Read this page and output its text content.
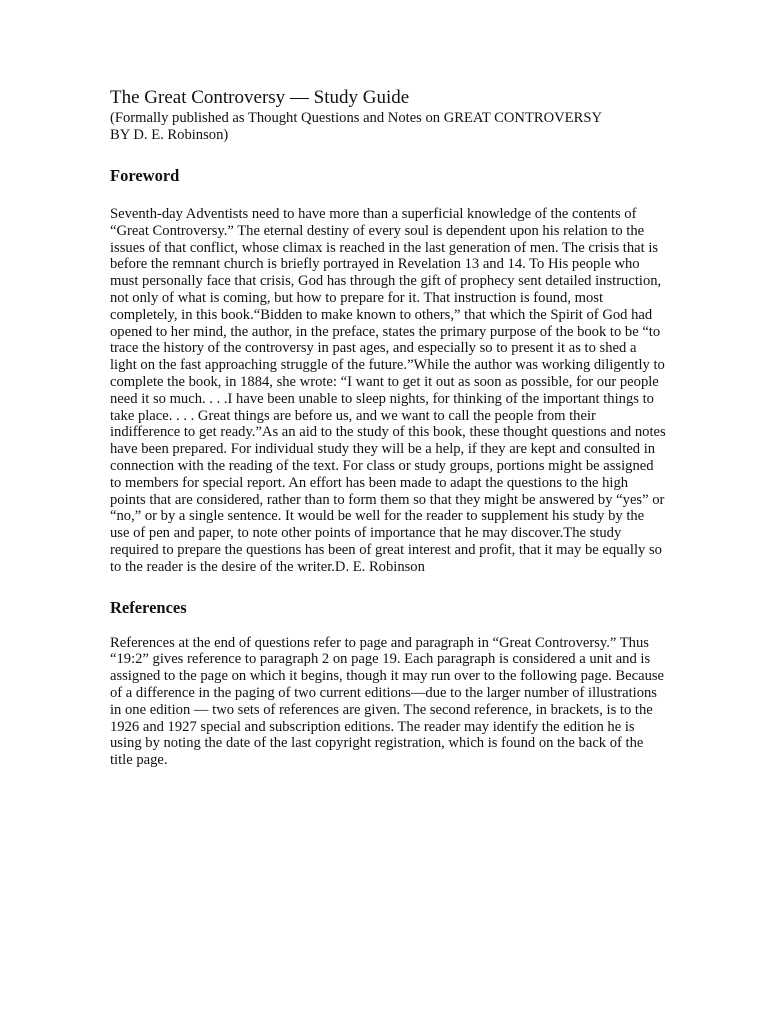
The Great Controversy — Study Guide

(Formally published as Thought Questions and Notes on GREAT CONTROVERSY
BY D. E. Robinson)

Foreword

Seventh-day Adventists need to have more than a superficial knowledge of the contents of “Great Controversy.” The eternal destiny of every soul is dependent upon his relation to the issues of that conflict, whose climax is reached in the last generation of men. The crisis that is before the remnant church is briefly portrayed in Revelation 13 and 14. To His people who must personally face that crisis, God has through the gift of prophecy sent detailed instruction, not only of what is coming, but how to prepare for it. That instruction is found, most completely, in this book.“Bidden to make known to others,” that which the Spirit of God had opened to her mind, the author, in the preface, states the primary purpose of the book to be “to trace the history of the controversy in past ages, and especially so to present it as to shed a light on the fast approaching struggle of the future.”While the author was working diligently to complete the book, in 1884, she wrote: “I want to get it out as soon as possible, for our people need it so much. . . .I have been unable to sleep nights, for thinking of the important things to take place. . . . Great things are before us, and we want to call the people from their indifference to get ready.”As an aid to the study of this book, these thought questions and notes have been prepared. For individual study they will be a help, if they are kept and consulted in connection with the reading of the text. For class or study groups, portions might be assigned to members for special report. An effort has been made to adapt the questions to the high points that are considered, rather than to form them so that they might be answered by “yes” or “no,” or by a single sentence. It would be well for the reader to supplement his study by the use of pen and paper, to note other points of importance that he may discover.The study required to prepare the questions has been of great interest and profit, that it may be equally so to the reader is the desire of the writer.D. E. Robinson

References

References at the end of questions refer to page and paragraph in “Great Controversy.” Thus “19:2” gives reference to paragraph 2 on page 19. Each paragraph is considered a unit and is assigned to the page on which it begins, though it may run over to the following page. Because of a difference in the paging of two current editions—due to the larger number of illustrations in one edition — two sets of references are given. The second reference, in brackets, is to the 1926 and 1927 special and subscription editions. The reader may identify the edition he is using by noting the date of the last copyright registration, which is found on the back of the title page.
